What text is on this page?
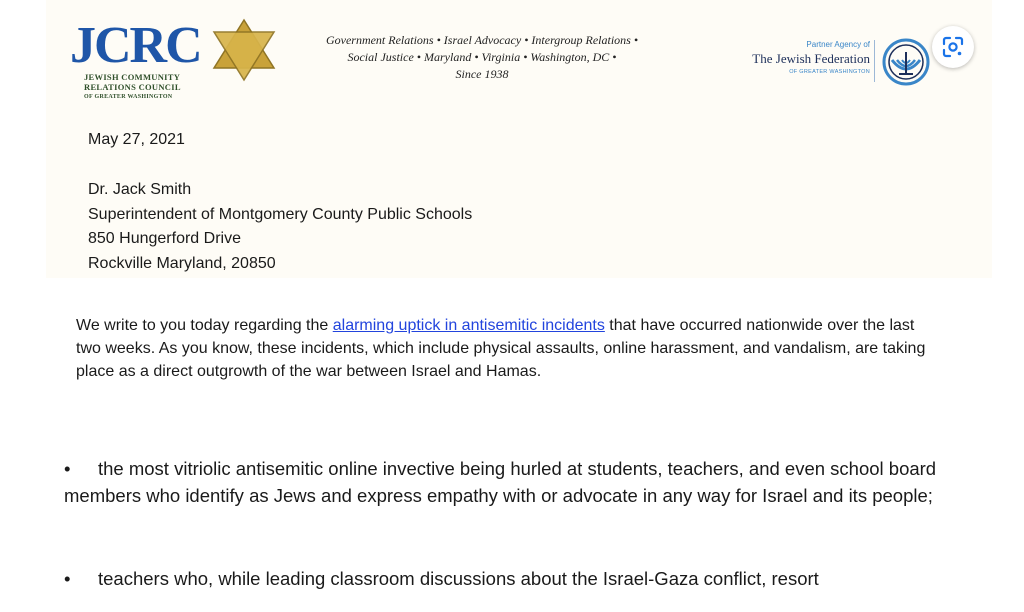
JCRC
JEWISH COMMUNITY
RELATIONS COUNCIL
OF GREATER WASHINGTON
Government Relations • Israel Advocacy • Intergroup Relations •
Social Justice • Maryland • Virginia • Washington, DC •
Since 1938
Partner Agency of
The Jewish Federation
OF GREATER WASHINGTON
May 27, 2021
Dr. Jack Smith
Superintendent of Montgomery County Public Schools
850 Hungerford Drive
Rockville Maryland, 20850
We write to you today regarding the alarming uptick in antisemitic incidents that have occurred nationwide over the last two weeks. As you know, these incidents, which include physical assaults, online harassment, and vandalism, are taking place as a direct outgrowth of the war between Israel and Hamas.
• the most vitriolic antisemitic online invective being hurled at students, teachers, and even school board members who identify as Jews and express empathy with or advocate in any way for Israel and its people;
• teachers who, while leading classroom discussions about the Israel-Gaza conflict, resort
